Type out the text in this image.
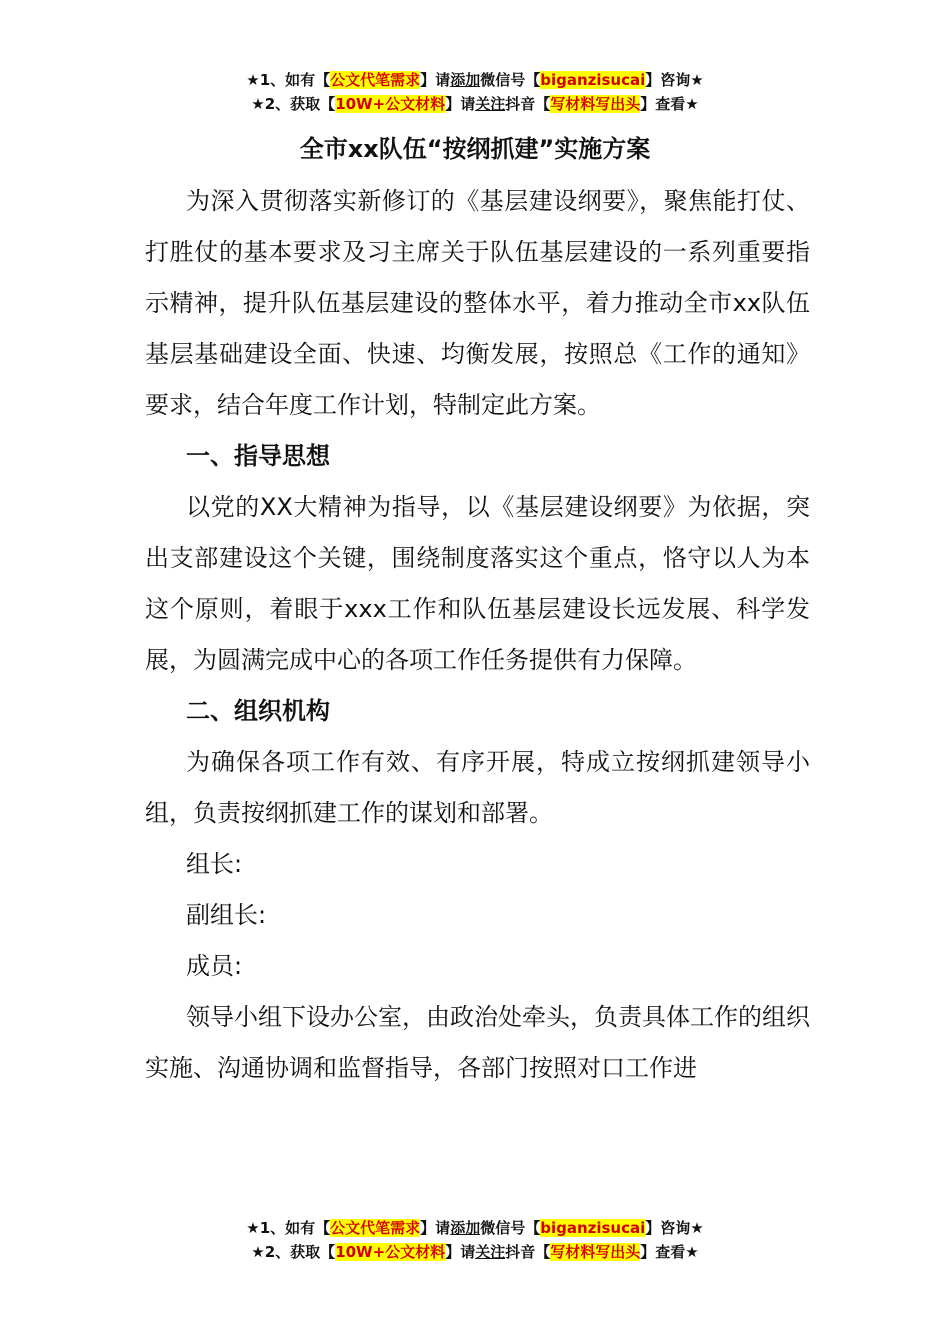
★1、如有【公文代笔需求】请添加微信号【biganzisucai】咨询★
★2、获取【10W+公文材料】请关注抖音【写材料写出头】查看★
全市xx队伍“按纲抓建”实施方案

为深入贯彻落实新修订的《基层建设纲要》，聚焦能打仗、打胜仗的基本要求及习主席关于队伍基层建设的一系列重要指示精神，提升队伍基层建设的整体水平，着力推动全市xx队伍基层基础建设全面、快速、均衡发展，按照总《工作的通知》要求，结合年度工作计划，特制定此方案。

一、指导思想

以党的XX大精神为指导，以《基层建设纲要》为依据，突出支部建设这个关键，围绕制度落实这个重点，恪守以人为本这个原则，着眼于xxx工作和队伍基层建设长远发展、科学发展，为圆满完成中心的各项工作任务提供有力保障。

二、组织机构

为确保各项工作有效、有序开展，特成立按纲抓建领导小组，负责按纲抓建工作的谋划和部署。

组长:

副组长:

成员:

领导小组下设办公室，由政治处牵头，负责具体工作的组织实施、沟通协调和监督指导，各部门按照对口工作进

★1、如有【公文代笔需求】请添加微信号【biganzisucai】咨询★
★2、获取【10W+公文材料】请关注抖音【写材料写出头】查看★
